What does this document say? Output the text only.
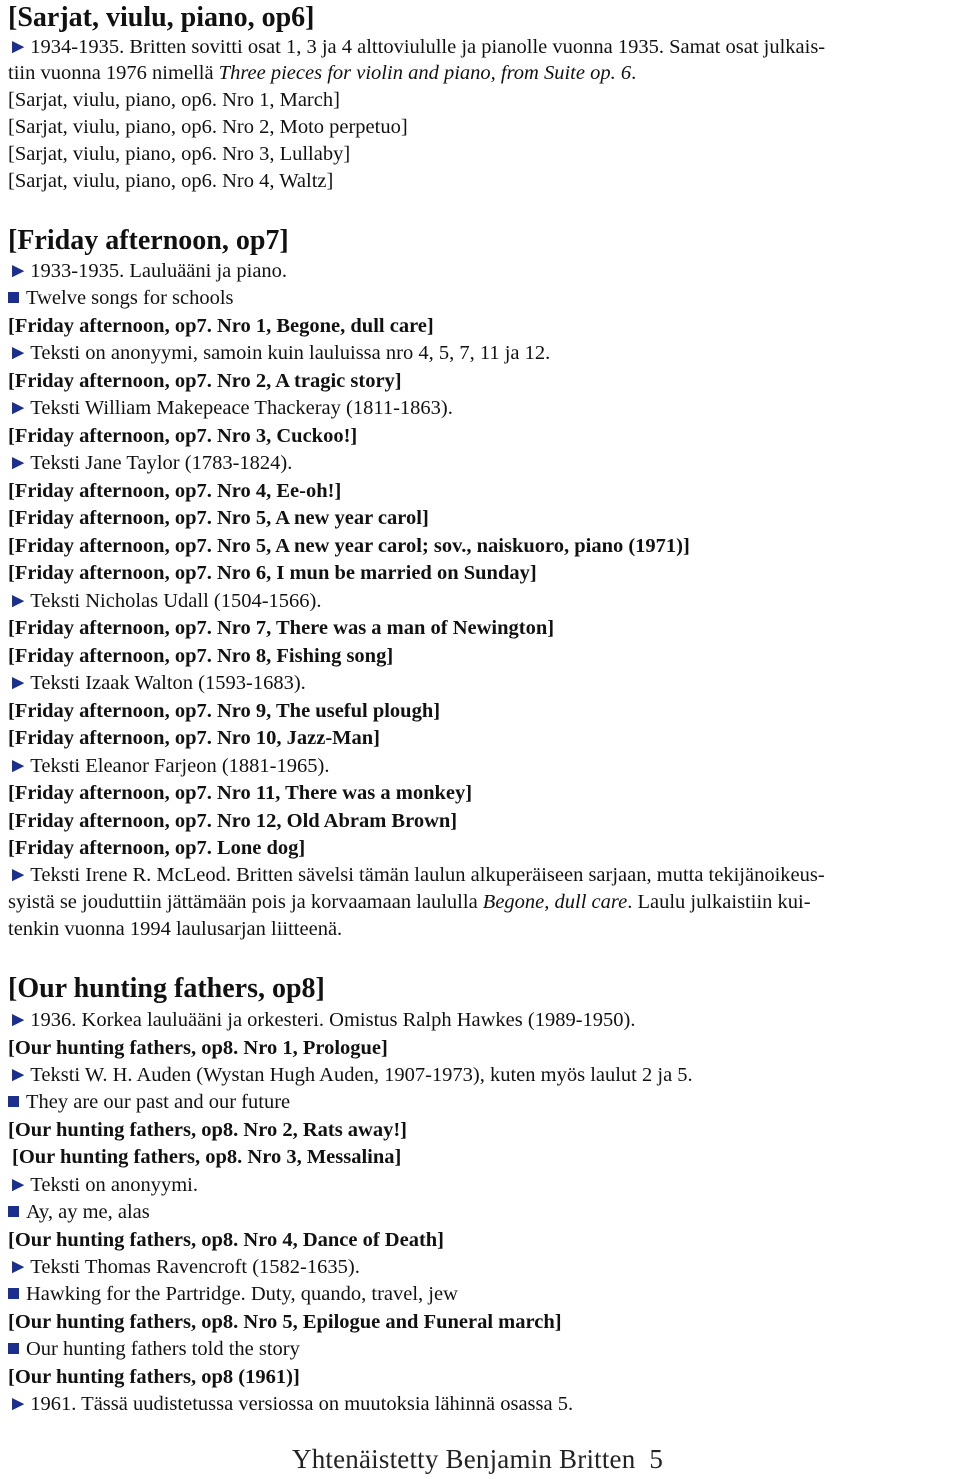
[Sarjat, viulu, piano, op6]
►1934-1935. Britten sovitti osat 1, 3 ja 4 alttoviululle ja pianolle vuonna 1935. Samat osat julkais-
tiin vuonna 1976 nimellä Three pieces for violin and piano, from Suite op. 6.
[Sarjat, viulu, piano, op6. Nro 1, March]
[Sarjat, viulu, piano, op6. Nro 2, Moto perpetuo]
[Sarjat, viulu, piano, op6. Nro 3, Lullaby]
[Sarjat, viulu, piano, op6. Nro 4, Waltz]
[Friday afternoon, op7]
►1933-1935. Lauluääni ja piano.
Twelve songs for schools
[Friday afternoon, op7. Nro 1, Begone, dull care]
►Teksti on anonyymi, samoin kuin lauluissa nro 4, 5, 7, 11 ja 12.
[Friday afternoon, op7. Nro 2, A tragic story]
►Teksti William Makepeace Thackeray (1811-1863).
[Friday afternoon, op7. Nro 3, Cuckoo!]
►Teksti Jane Taylor (1783-1824).
[Friday afternoon, op7. Nro 4, Ee-oh!]
[Friday afternoon, op7. Nro 5, A new year carol]
[Friday afternoon, op7. Nro 5, A new year carol; sov., naiskuoro, piano (1971)]
[Friday afternoon, op7. Nro 6, I mun be married on Sunday]
►Teksti Nicholas Udall (1504-1566).
[Friday afternoon, op7. Nro 7, There was a man of Newington]
[Friday afternoon, op7. Nro 8, Fishing song]
►Teksti Izaak Walton (1593-1683).
[Friday afternoon, op7. Nro 9, The useful plough]
[Friday afternoon, op7. Nro 10, Jazz-Man]
►Teksti Eleanor Farjeon (1881-1965).
[Friday afternoon, op7. Nro 11, There was a monkey]
[Friday afternoon, op7. Nro 12, Old Abram Brown]
[Friday afternoon, op7. Lone dog]
►Teksti Irene R. McLeod. Britten sävelsi tämän laulun alkuperäiseen sarjaan, mutta tekijänoikeus-
syistä se jouduttiin jättämään pois ja korvaamaan laululla Begone, dull care. Laulu julkaistiin kui-
tenkin vuonna 1994 laulusarjan liitteenä.
[Our hunting fathers, op8]
►1936. Korkea lauluääni ja orkesteri. Omistus Ralph Hawkes (1989-1950).
[Our hunting fathers, op8. Nro 1, Prologue]
►Teksti W. H. Auden (Wystan Hugh Auden, 1907-1973), kuten myös laulut 2 ja 5.
They are our past and our future
[Our hunting fathers, op8. Nro 2, Rats away!]
[Our hunting fathers, op8. Nro 3, Messalina]
►Teksti on anonyymi.
Ay, ay me, alas
[Our hunting fathers, op8. Nro 4, Dance of Death]
►Teksti Thomas Ravencroft (1582-1635).
Hawking for the Partridge. Duty, quando, travel, jew
[Our hunting fathers, op8. Nro 5, Epilogue and Funeral march]
Our hunting fathers told the story
[Our hunting fathers, op8 (1961)]
►1961. Tässä uudistetussa versiossa on muutoksia lähinnä osassa 5.
Yhtenäistetty Benjamin Britten 5
